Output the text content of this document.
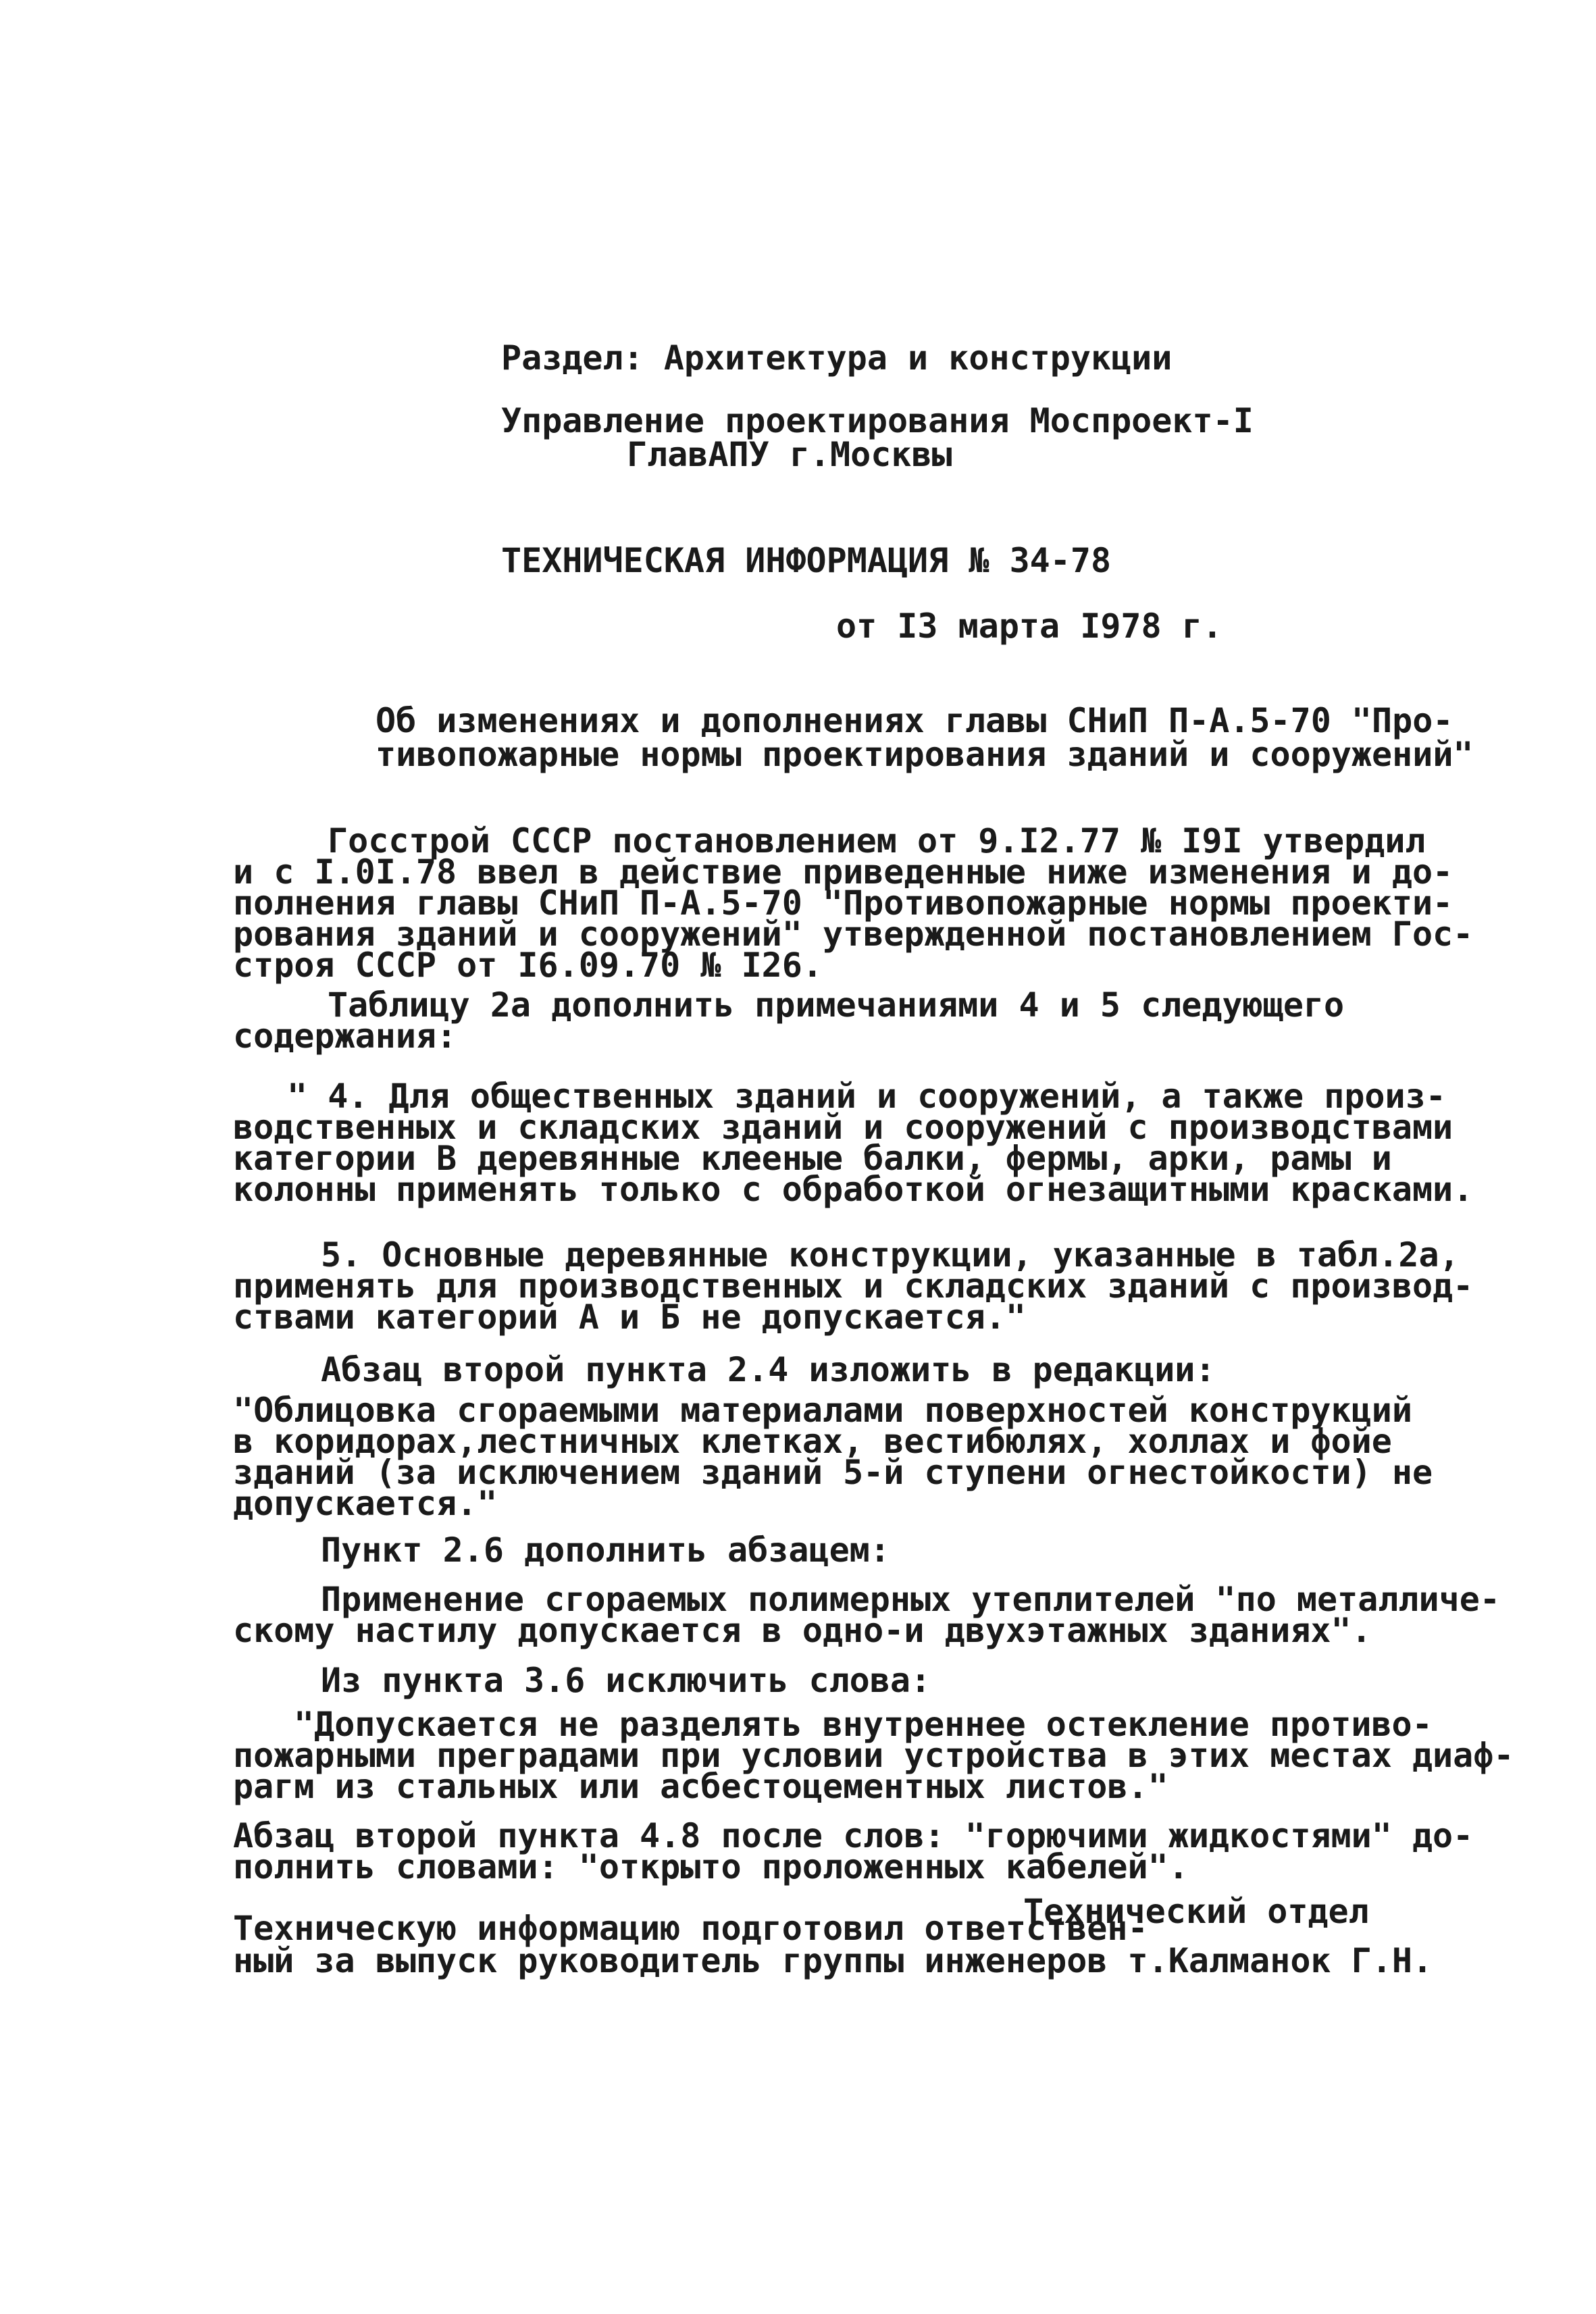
Раздел: Архитектура и конструкции
Управление проектирования Моспроект-I
ГлавАПУ г.Москвы
ТЕХНИЧЕСКАЯ ИНФОРМАЦИЯ № 34-78
от I3 марта I978 г.
Об изменениях и дополнениях главы СНиП П-А.5-70 "Про-
тивопожарные нормы проектирования зданий и сооружений"
Госстрой СССР постановлением от 9.I2.77 № I9I утвердил
и с I.0I.78 ввел в действие приведенные ниже изменения и до-
полнения главы СНиП П-А.5-70 "Противопожарные нормы проекти-
рования зданий и сооружений" утвержденной постановлением Гос-
строя СССР от I6.09.70 № I26.
Таблицу 2а дополнить примечаниями 4 и 5 следующего
содержания:
" 4. Для общественных зданий и сооружений, а также произ-
водственных и складских зданий и сооружений с производствами
категории В деревянные клееные балки, фермы, арки, рамы и
колонны применять только с обработкой огнезащитными красками.
5. Основные деревянные конструкции, указанные в табл.2а,
применять для производственных и складских зданий с производ-
ствами категорий А и Б не допускается."
Абзац второй пункта 2.4 изложить в редакции:
"Облицовка сгораемыми материалами поверхностей конструкций
в коридорах,лестничных клетках, вестибюлях, холлах и фойе
зданий (за исключением зданий 5-й ступени огнестойкости) не
допускается."
Пункт 2.6 дополнить абзацем:
Применение сгораемых полимерных утеплителей "по металличе-
скому настилу допускается в одно-и двухэтажных зданиях".
Из пункта 3.6 исключить слова:
"Допускается не разделять внутреннее остекление противо-
пожарными преградами при условии устройства в этих местах диаф-
рагм из стальных или асбестоцементных листов."
Абзац второй пункта 4.8 после слов: "горючими жидкостями" до-
полнить словами: "открыто проложенных кабелей".
Технический отдел
Техническую информацию подготовил ответствен-
ный за выпуск руководитель группы инженеров т.Калманок Г.Н.
